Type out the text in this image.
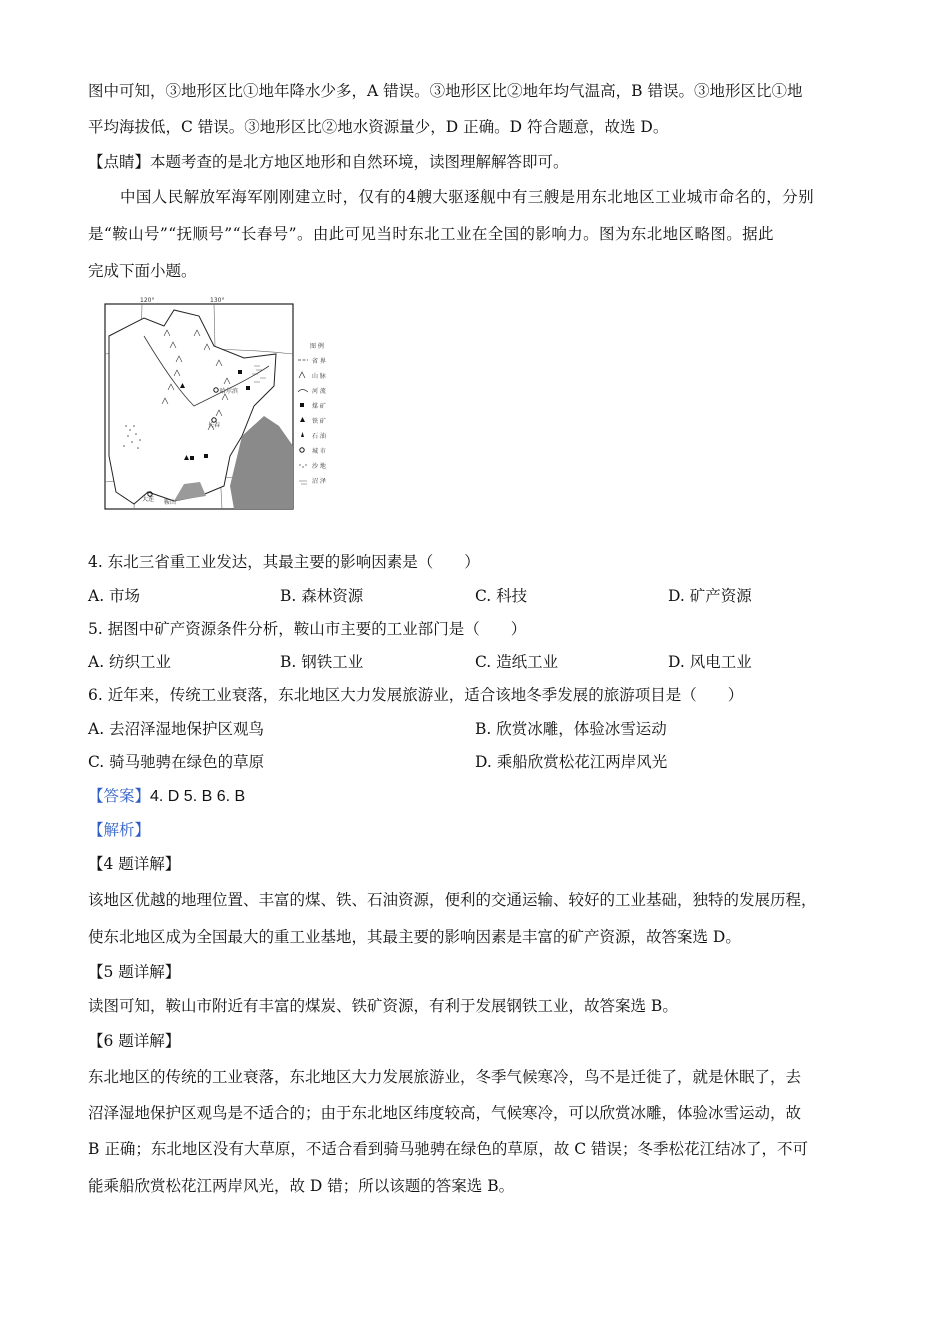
图中可知，③地形区比①地年降水少多，A 错误。③地形区比②地年均气温高，B 错误。③地形区比①地
平均海拔低，C 错误。③地形区比②地水资源量少，D 正确。D 符合题意，故选 D。
【点睛】本题考查的是北方地区地形和自然环境，读图理解解答即可。
中国人民解放军海军刚刚建立时，仅有的4艘大驱逐舰中有三艘是用东北地区工业城市命名的，分别
是“鞍山号”“抚顺号”“长春号”。由此可见当时东北工业在全国的影响力。图为东北地区略图。据此
完成下面小题。
120°	130°
哈尔滨
长春
大连 鞍山
图 例
省 界
山 脉
河 流
煤 矿
铁 矿
石 油
城 市
沙 地
沼 泽
4. 东北三省重工业发达，其最主要的影响因素是（　　）
A. 市场	B. 森林资源	C. 科技	D. 矿产资源
5. 据图中矿产资源条件分析，鞍山市主要的工业部门是（　　）
A. 纺织工业	B. 钢铁工业	C. 造纸工业	D. 风电工业
6. 近年来，传统工业衰落，东北地区大力发展旅游业，适合该地冬季发展的旅游项目是（　　）
A. 去沼泽湿地保护区观鸟	B. 欣赏冰雕，体验冰雪运动
C. 骑马驰骋在绿色的草原	D. 乘船欣赏松花江两岸风光
【答案】4. D 5. B 6. B
【解析】
【4 题详解】
该地区优越的地理位置、丰富的煤、铁、石油资源，便利的交通运输、较好的工业基础，独特的发展历程，
使东北地区成为全国最大的重工业基地，其最主要的影响因素是丰富的矿产资源，故答案选 D。
【5 题详解】
读图可知，鞍山市附近有丰富的煤炭、铁矿资源，有利于发展钢铁工业，故答案选 B。
【6 题详解】
东北地区的传统的工业衰落，东北地区大力发展旅游业，冬季气候寒冷，鸟不是迁徙了，就是休眠了，去
沼泽湿地保护区观鸟是不适合的；由于东北地区纬度较高，气候寒冷，可以欣赏冰雕，体验冰雪运动，故
B 正确；东北地区没有大草原，不适合看到骑马驰骋在绿色的草原，故 C 错误；冬季松花江结冰了，不可
能乘船欣赏松花江两岸风光，故 D 错；所以该题的答案选 B。
